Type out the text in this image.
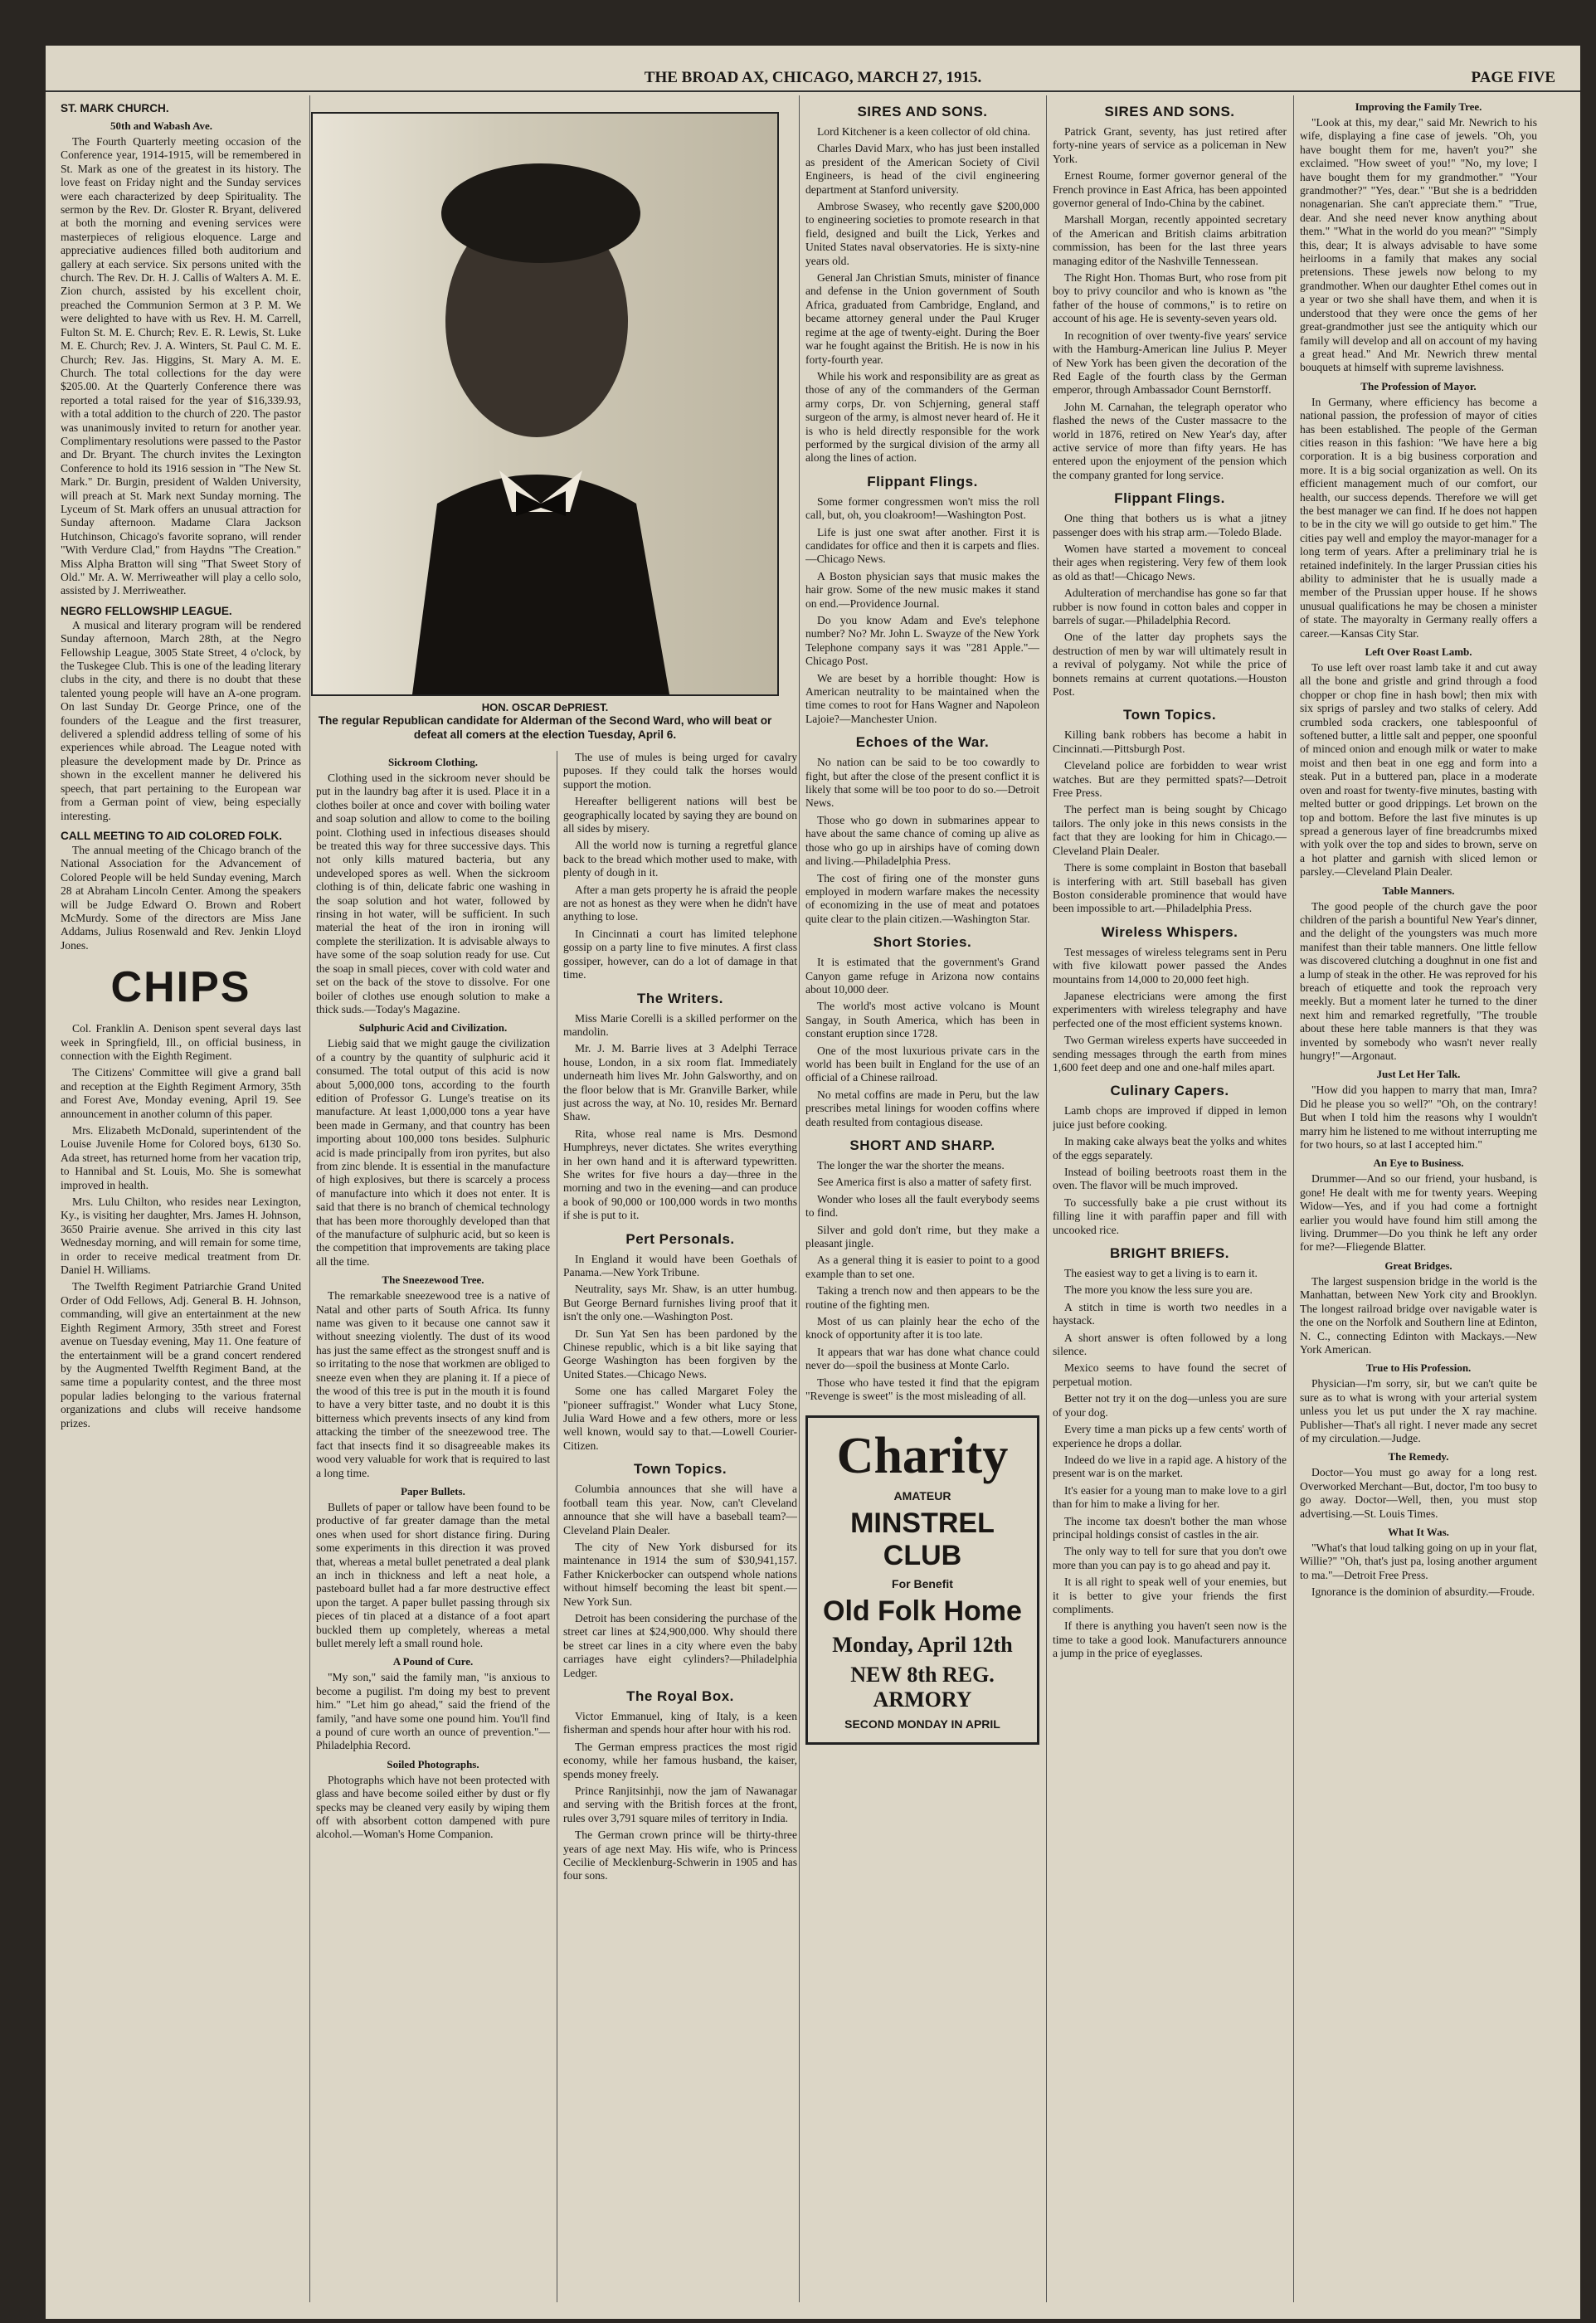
THE BROAD AX, CHICAGO, MARCH 27, 1915.	PAGE FIVE
ST. MARK CHURCH.
50th and Wabash Ave.

The Fourth Quarterly meeting occasion of the Conference year, 1914-1915, will be remembered in St. Mark as one of the greatest in its history. The love feast on Friday night and the Sunday services were each characterized by deep Spirituality. The sermon by the Rev. Dr. Gloster R. Bryant, delivered at both the morning and evening services were masterpieces of religious eloquence. Large and appreciative audiences filled both auditorium and gallery at each service. Six persons united with the church. The Rev. Dr. H. J. Callis of Walters A. M. E. Zion church, assisted by his excellent choir, preached the Communion Sermon at 3 P. M. We were delighted to have with us Rev. H. M. Carrell, Fulton St. M. E. Church; Rev. E. R. Lewis, St. Luke M. E. Church; Rev. J. A. Winters, St. Paul C. M. E. Church; Rev. Jas. Higgins, St. Mary A. M. E. Church. The total collections for the day were $205.00. At the Quarterly Conference there was reported a total raised for the year of $16,339.93, with a total addition to the church of 220. The pastor was unanimously invited to return for another year. Complimentary resolutions were passed to the Pastor and Dr. Bryant. The church invites the Lexington Conference to hold its 1916 session in "The New St. Mark." Dr. Burgin, president of Walden University, will preach at St. Mark next Sunday morning. The Lyceum of St. Mark offers an unusual attraction for Sunday afternoon. Madame Clara Jackson Hutchinson, Chicago's favorite soprano, will render "With Verdure Clad," from Haydns "The Creation." Miss Alpha Bratton will sing "That Sweet Story of Old." Mr. A. W. Merriweather will play a cello solo, assisted by J. Merriweather.

NEGRO FELLOWSHIP LEAGUE.

A musical and literary program will be rendered Sunday afternoon, March 28th, at the Negro Fellowship League, 3005 State Street, 4 o'clock, by the Tuskegee Club. This is one of the leading literary clubs in the city, and there is no doubt that these talented young people will have an A-one program. On last Sunday Dr. George Prince, one of the founders of the League and the first treasurer, delivered a splendid address telling of some of his experiences while abroad. The League noted with pleasure the development made by Dr. Prince as shown in the excellent manner he delivered his speech, that part pertaining to the European war from a German point of view, being especially interesting.

CALL MEETING TO AID COLORED FOLK.

The annual meeting of the Chicago branch of the National Association for the Advancement of Colored People will be held Sunday evening, March 28 at Abraham Lincoln Center. Among the speakers will be Judge Edward O. Brown and Robert McMurdy. Some of the directors are Miss Jane Addams, Julius Rosenwald and Rev. Jenkin Lloyd Jones.

CHIPS

Col. Franklin A. Denison spent several days last week in Springfield, Ill., on official business, in connection with the Eighth Regiment.

The Citizens' Committee will give a grand ball and reception at the Eighth Regiment Armory, 35th and Forest Ave, Monday evening, April 19. See announcement in another column of this paper.

Mrs. Elizabeth McDonald, superintendent of the Louise Juvenile Home for Colored boys, 6130 So. Ada street, has returned home from her vacation trip, to Hannibal and St. Louis, Mo. She is somewhat improved in health.

Mrs. Lulu Chilton, who resides near Lexington, Ky., is visiting her daughter, Mrs. James H. Johnson, 3650 Prairie avenue. She arrived in this city last Wednesday morning, and will remain for some time, in order to receive medical treatment from Dr. Daniel H. Williams.

The Twelfth Regiment Patriarchie Grand United Order of Odd Fellows, Adj. General B. H. Johnson, commanding, will give an entertainment at the new Eighth Regiment Armory, 35th street and Forest avenue on Tuesday evening, May 11. One feature of the entertainment will be a grand concert rendered by the Augmented Twelfth Regiment Band, at the same time a popularity contest, and the three most popular ladies belonging to the various fraternal organizations and clubs will receive handsome prizes.

HON. OSCAR DePRIEST.
The regular Republican candidate for Alderman of the Second Ward, who will beat or defeat all comers at the election Tuesday, April 6.
Sickroom Clothing.

Clothing used in the sickroom never should be put in the laundry bag after it is used. Place it in a clothes boiler at once and cover with boiling water and soap solution and allow to come to the boiling point. Clothing used in infectious diseases should be treated this way for three successive days. This not only kills matured bacteria, but any undeveloped spores as well. When the sickroom clothing is of thin, delicate fabric one washing in the soap solution and hot water, followed by rinsing in hot water, will be sufficient. In such material the heat of the iron in ironing will complete the sterilization. It is advisable always to have some of the soap solution ready for use. Cut the soap in small pieces, cover with cold water and set on the back of the stove to dissolve. For one boiler of clothes use enough solution to make a thick suds.—Today's Magazine.

Sulphuric Acid and Civilization.

Liebig said that we might gauge the civilization of a country by the quantity of sulphuric acid it consumed. The total output of this acid is now about 5,000,000 tons, according to the fourth edition of Professor G. Lunge's treatise on its manufacture. At least 1,000,000 tons a year have been made in Germany, and that country has been importing about 100,000 tons besides. Sulphuric acid is made principally from iron pyrites, but also from zinc blende. It is essential in the manufacture of high explosives, but there is scarcely a process of manufacture into which it does not enter. It is said that there is no branch of chemical technology that has been more thoroughly developed than that of the manufacture of sulphuric acid, but so keen is the competition that improvements are taking place all the time.

The Sneezewood Tree.

The remarkable sneezewood tree is a native of Natal and other parts of South Africa. Its funny name was given to it because one cannot saw it without sneezing violently. The dust of its wood has just the same effect as the strongest snuff and is so irritating to the nose that workmen are obliged to sneeze even when they are planing it. If a piece of the wood of this tree is put in the mouth it is found to have a very bitter taste, and no doubt it is this bitterness which prevents insects of any kind from attacking the timber of the sneezewood tree. The fact that insects find it so disagreeable makes its wood very valuable for work that is required to last a long time.

Paper Bullets.

Bullets of paper or tallow have been found to be productive of far greater damage than the metal ones when used for short distance firing. During some experiments in this direction it was proved that, whereas a metal bullet penetrated a deal plank an inch in thickness and left a neat hole, a pasteboard bullet had a far more destructive effect upon the target. A paper bullet passing through six pieces of tin placed at a distance of a foot apart buckled them up completely, whereas a metal bullet merely left a small round hole.

A Pound of Cure.

"My son," said the family man, "is anxious to become a pugilist. I'm doing my best to prevent him." "Let him go ahead," said the friend of the family, "and have some one pound him. You'll find a pound of cure worth an ounce of prevention."—Philadelphia Record.

Soiled Photographs.

Photographs which have not been protected with glass and have become soiled either by dust or fly specks may be cleaned very easily by wiping them off with absorbent cotton dampened with pure alcohol.—Woman's Home Companion.

The use of mules is being urged for cavalry puposes. If they could talk the horses would support the motion.

Hereafter belligerent nations will best be geographically located by saying they are bound on all sides by misery.

All the world now is turning a regretful glance back to the bread which mother used to make, with plenty of dough in it.

After a man gets property he is afraid the people are not as honest as they were when he didn't have anything to lose.

In Cincinnati a court has limited telephone gossip on a party line to five minutes. A first class gossiper, however, can do a lot of damage in that time.

The Writers.

Miss Marie Corelli is a skilled performer on the mandolin.

Mr. J. M. Barrie lives at 3 Adelphi Terrace house, London, in a six room flat. Immediately underneath him lives Mr. John Galsworthy, and on the floor below that is Mr. Granville Barker, while just across the way, at No. 10, resides Mr. Bernard Shaw.

Rita, whose real name is Mrs. Desmond Humphreys, never dictates. She writes everything in her own hand and it is afterward typewritten. She writes for five hours a day—three in the morning and two in the evening—and can produce a book of 90,000 or 100,000 words in two months if she is put to it.

Pert Personals.

In England it would have been Goethals of Panama.—New York Tribune.

Neutrality, says Mr. Shaw, is an utter humbug. But George Bernard furnishes living proof that it isn't the only one.—Washington Post.

Dr. Sun Yat Sen has been pardoned by the Chinese republic, which is a bit like saying that George Washington has been forgiven by the United States.—Chicago News.

Some one has called Margaret Foley the "pioneer suffragist." Wonder what Lucy Stone, Julia Ward Howe and a few others, more or less well known, would say to that.—Lowell Courier-Citizen.

Town Topics.

Columbia announces that she will have a football team this year. Now, can't Cleveland announce that she will have a baseball team?—Cleveland Plain Dealer.

The city of New York disbursed for its maintenance in 1914 the sum of $30,941,157. Father Knickerbocker can outspend whole nations without himself becoming the least bit spent.—New York Sun.

Detroit has been considering the purchase of the street car lines at $24,900,000. Why should there be street car lines in a city where even the baby carriages have eight cylinders?—Philadelphia Ledger.

The Royal Box.

Victor Emmanuel, king of Italy, is a keen fisherman and spends hour after hour with his rod.

The German empress practices the most rigid economy, while her famous husband, the kaiser, spends money freely.

Prince Ranjitsinhji, now the jam of Nawanagar and serving with the British forces at the front, rules over 3,791 square miles of territory in India.

The German crown prince will be thirty-three years of age next May. His wife, who is Princess Cecilie of Mecklenburg-Schwerin in 1905 and has four sons.

SIRES AND SONS.

Lord Kitchener is a keen collector of old china.

Charles David Marx, who has just been installed as president of the American Society of Civil Engineers, is head of the civil engineering department at Stanford university.

Ambrose Swasey, who recently gave $200,000 to engineering societies to promote research in that field, designed and built the Lick, Yerkes and United States naval observatories. He is sixty-nine years old.

General Jan Christian Smuts, minister of finance and defense in the Union government of South Africa, graduated from Cambridge, England, and became attorney general under the Paul Kruger regime at the age of twenty-eight. During the Boer war he fought against the British. He is now in his forty-fourth year.

While his work and responsibility are as great as those of any of the commanders of the German army corps, Dr. von Schjerning, general staff surgeon of the army, is almost never heard of. He it is who is held directly responsible for the work performed by the surgical division of the army all along the lines of action.

Flippant Flings.

Some former congressmen won't miss the roll call, but, oh, you cloakroom!—Washington Post.

Life is just one swat after another. First it is candidates for office and then it is carpets and flies.—Chicago News.

A Boston physician says that music makes the hair grow. Some of the new music makes it stand on end.—Providence Journal.

Do you know Adam and Eve's telephone number? No? Mr. John L. Swayze of the New York Telephone company says it was "281 Apple."—Chicago Post.

We are beset by a horrible thought: How is American neutrality to be maintained when the time comes to root for Hans Wagner and Napoleon Lajoie?—Manchester Union.

Echoes of the War.

No nation can be said to be too cowardly to fight, but after the close of the present conflict it is likely that some will be too poor to do so.—Detroit News.

Those who go down in submarines appear to have about the same chance of coming up alive as those who go up in airships have of coming down and living.—Philadelphia Press.

The cost of firing one of the monster guns employed in modern warfare makes the necessity of economizing in the use of meat and potatoes quite clear to the plain citizen.—Washington Star.

Short Stories.

It is estimated that the government's Grand Canyon game refuge in Arizona now contains about 10,000 deer.

The world's most active volcano is Mount Sangay, in South America, which has been in constant eruption since 1728.

One of the most luxurious private cars in the world has been built in England for the use of an official of a Chinese railroad.

No metal coffins are made in Peru, but the law prescribes metal linings for wooden coffins where death resulted from contagious disease.

SHORT AND SHARP.

The longer the war the shorter the means.

See America first is also a matter of safety first.

Wonder who loses all the fault everybody seems to find.

Silver and gold don't rime, but they make a pleasant jingle.

As a general thing it is easier to point to a good example than to set one.

Taking a trench now and then appears to be the routine of the fighting men.

Most of us can plainly hear the echo of the knock of opportunity after it is too late.

It appears that war has done what chance could never do—spoil the business at Monte Carlo.

Those who have tested it find that the epigram "Revenge is sweet" is the most misleading of all.

Charity
AMATEUR
MINSTREL CLUB
For Benefit
Old Folk Home
Monday, April 12th
NEW 8th REG. ARMORY
SECOND MONDAY IN APRIL
SIRES AND SONS.

Patrick Grant, seventy, has just retired after forty-nine years of service as a policeman in New York.

Ernest Roume, former governor general of the French province in East Africa, has been appointed governor general of Indo-China by the cabinet.

Marshall Morgan, recently appointed secretary of the American and British claims arbitration commission, has been for the last three years managing editor of the Nashville Tennessean.

The Right Hon. Thomas Burt, who rose from pit boy to privy councilor and who is known as "the father of the house of commons," is to retire on account of his age. He is seventy-seven years old.

In recognition of over twenty-five years' service with the Hamburg-American line Julius P. Meyer of New York has been given the decoration of the Red Eagle of the fourth class by the German emperor, through Ambassador Count Bernstorff.

John M. Carnahan, the telegraph operator who flashed the news of the Custer massacre to the world in 1876, retired on New Year's day, after active service of more than fifty years. He has entered upon the enjoyment of the pension which the company granted for long service.

Flippant Flings.

One thing that bothers us is what a jitney passenger does with his strap arm.—Toledo Blade.

Women have started a movement to conceal their ages when registering. Very few of them look as old as that!—Chicago News.

Adulteration of merchandise has gone so far that rubber is now found in cotton bales and copper in barrels of sugar.—Philadelphia Record.

One of the latter day prophets says the destruction of men by war will ultimately result in a revival of polygamy. Not while the price of bonnets remains at current quotations.—Houston Post.

Town Topics.

Killing bank robbers has become a habit in Cincinnati.—Pittsburgh Post.

Cleveland police are forbidden to wear wrist watches. But are they permitted spats?—Detroit Free Press.

The perfect man is being sought by Chicago tailors. The only joke in this news consists in the fact that they are looking for him in Chicago.—Cleveland Plain Dealer.

There is some complaint in Boston that baseball is interfering with art. Still baseball has given Boston considerable prominence that would have been impossible to art.—Philadelphia Press.

Wireless Whispers.

Test messages of wireless telegrams sent in Peru with five kilowatt power passed the Andes mountains from 14,000 to 20,000 feet high.

Japanese electricians were among the first experimenters with wireless telegraphy and have perfected one of the most efficient systems known.

Two German wireless experts have succeeded in sending messages through the earth from mines 1,600 feet deep and one and one-half miles apart.

Culinary Capers.

Lamb chops are improved if dipped in lemon juice just before cooking.

In making cake always beat the yolks and whites of the eggs separately.

Instead of boiling beetroots roast them in the oven. The flavor will be much improved.

To successfully bake a pie crust without its filling line it with paraffin paper and fill with uncooked rice.

BRIGHT BRIEFS.

The easiest way to get a living is to earn it.

The more you know the less sure you are.

A stitch in time is worth two needles in a haystack.

A short answer is often followed by a long silence.

Mexico seems to have found the secret of perpetual motion.

Better not try it on the dog—unless you are sure of your dog.

Every time a man picks up a few cents' worth of experience he drops a dollar.

Indeed do we live in a rapid age. A history of the present war is on the market.

It's easier for a young man to make love to a girl than for him to make a living for her.

The income tax doesn't bother the man whose principal holdings consist of castles in the air.

The only way to tell for sure that you don't owe more than you can pay is to go ahead and pay it.

It is all right to speak well of your enemies, but it is better to give your friends the first compliments.

If there is anything you haven't seen now is the time to take a good look. Manufacturers announce a jump in the price of eyeglasses.

Improving the Family Tree.

"Look at this, my dear," said Mr. Newrich to his wife, displaying a fine case of jewels. "Oh, you have bought them for me, haven't you?" she exclaimed. "How sweet of you!" "No, my love; I have bought them for my grandmother." "Your grandmother?" "Yes, dear." "But she is a bedridden nonagenarian. She can't appreciate them." "True, dear. And she need never know anything about them." "What in the world do you mean?" "Simply this, dear; It is always advisable to have some heirlooms in a family that makes any social pretensions. These jewels now belong to my grandmother. When our daughter Ethel comes out in a year or two she shall have them, and when it is understood that they were once the gems of her great-grandmother just see the antiquity which our family will develop and all on account of my having a great head." And Mr. Newrich threw mental bouquets at himself with supreme lavishness.

The Profession of Mayor.

In Germany, where efficiency has become a national passion, the profession of mayor of cities has been established. The people of the German cities reason in this fashion: "We have here a big corporation. It is a big business corporation and more. It is a big social organization as well. On its efficient management much of our comfort, our health, our success depends. Therefore we will get the best manager we can find. If he does not happen to be in the city we will go outside to get him." The cities pay well and employ the mayor-manager for a long term of years. After a preliminary trial he is retained indefinitely. In the larger Prussian cities his ability to administer that he is usually made a member of the Prussian upper house. If he shows unusual qualifications he may be chosen a minister of state. The mayoralty in Germany really offers a career.—Kansas City Star.

Left Over Roast Lamb.

To use left over roast lamb take it and cut away all the bone and gristle and grind through a food chopper or chop fine in hash bowl; then mix with six sprigs of parsley and two stalks of celery. Add crumbled soda crackers, one tablespoonful of softened butter, a little salt and pepper, one spoonful of minced onion and enough milk or water to make moist and then beat in one egg and form into a steak. Put in a buttered pan, place in a moderate oven and roast for twenty-five minutes, basting with melted butter or good drippings. Let brown on the top and bottom. Before the last five minutes is up spread a generous layer of fine breadcrumbs mixed with yolk over the top and sides to brown, serve on a hot platter and garnish with sliced lemon or parsley.—Cleveland Plain Dealer.

Table Manners.

The good people of the church gave the poor children of the parish a bountiful New Year's dinner, and the delight of the youngsters was much more manifest than their table manners. One little fellow was discovered clutching a doughnut in one fist and a lump of steak in the other. He was reproved for his breach of etiquette and took the reproach very meekly. But a moment later he turned to the diner next him and remarked regretfully, "The trouble about these here table manners is that they was invented by somebody who wasn't never really hungry!"—Argonaut.

Just Let Her Talk.

"How did you happen to marry that man, Imra? Did he please you so well?" "Oh, on the contrary! But when I told him the reasons why I wouldn't marry him he listened to me without interrupting me for two hours, so at last I accepted him."

An Eye to Business.

Drummer—And so our friend, your husband, is gone! He dealt with me for twenty years. Weeping Widow—Yes, and if you had come a fortnight earlier you would have found him still among the living. Drummer—Do you think he left any order for me?—Fliegende Blatter.

Great Bridges.

The largest suspension bridge in the world is the Manhattan, between New York city and Brooklyn. The longest railroad bridge over navigable water is the one on the Norfolk and Southern line at Edinton, N. C., connecting Edinton with Mackays.—New York American.

True to His Profession.

Physician—I'm sorry, sir, but we can't quite be sure as to what is wrong with your arterial system unless you let us put under the X ray machine. Publisher—That's all right. I never made any secret of my circulation.—Judge.

The Remedy.

Doctor—You must go away for a long rest. Overworked Merchant—But, doctor, I'm too busy to go away. Doctor—Well, then, you must stop advertising.—St. Louis Times.

What It Was.

"What's that loud talking going on up in your flat, Willie?" "Oh, that's just pa, losing another argument to ma."—Detroit Free Press.

Ignorance is the dominion of absurdity.—Froude.
